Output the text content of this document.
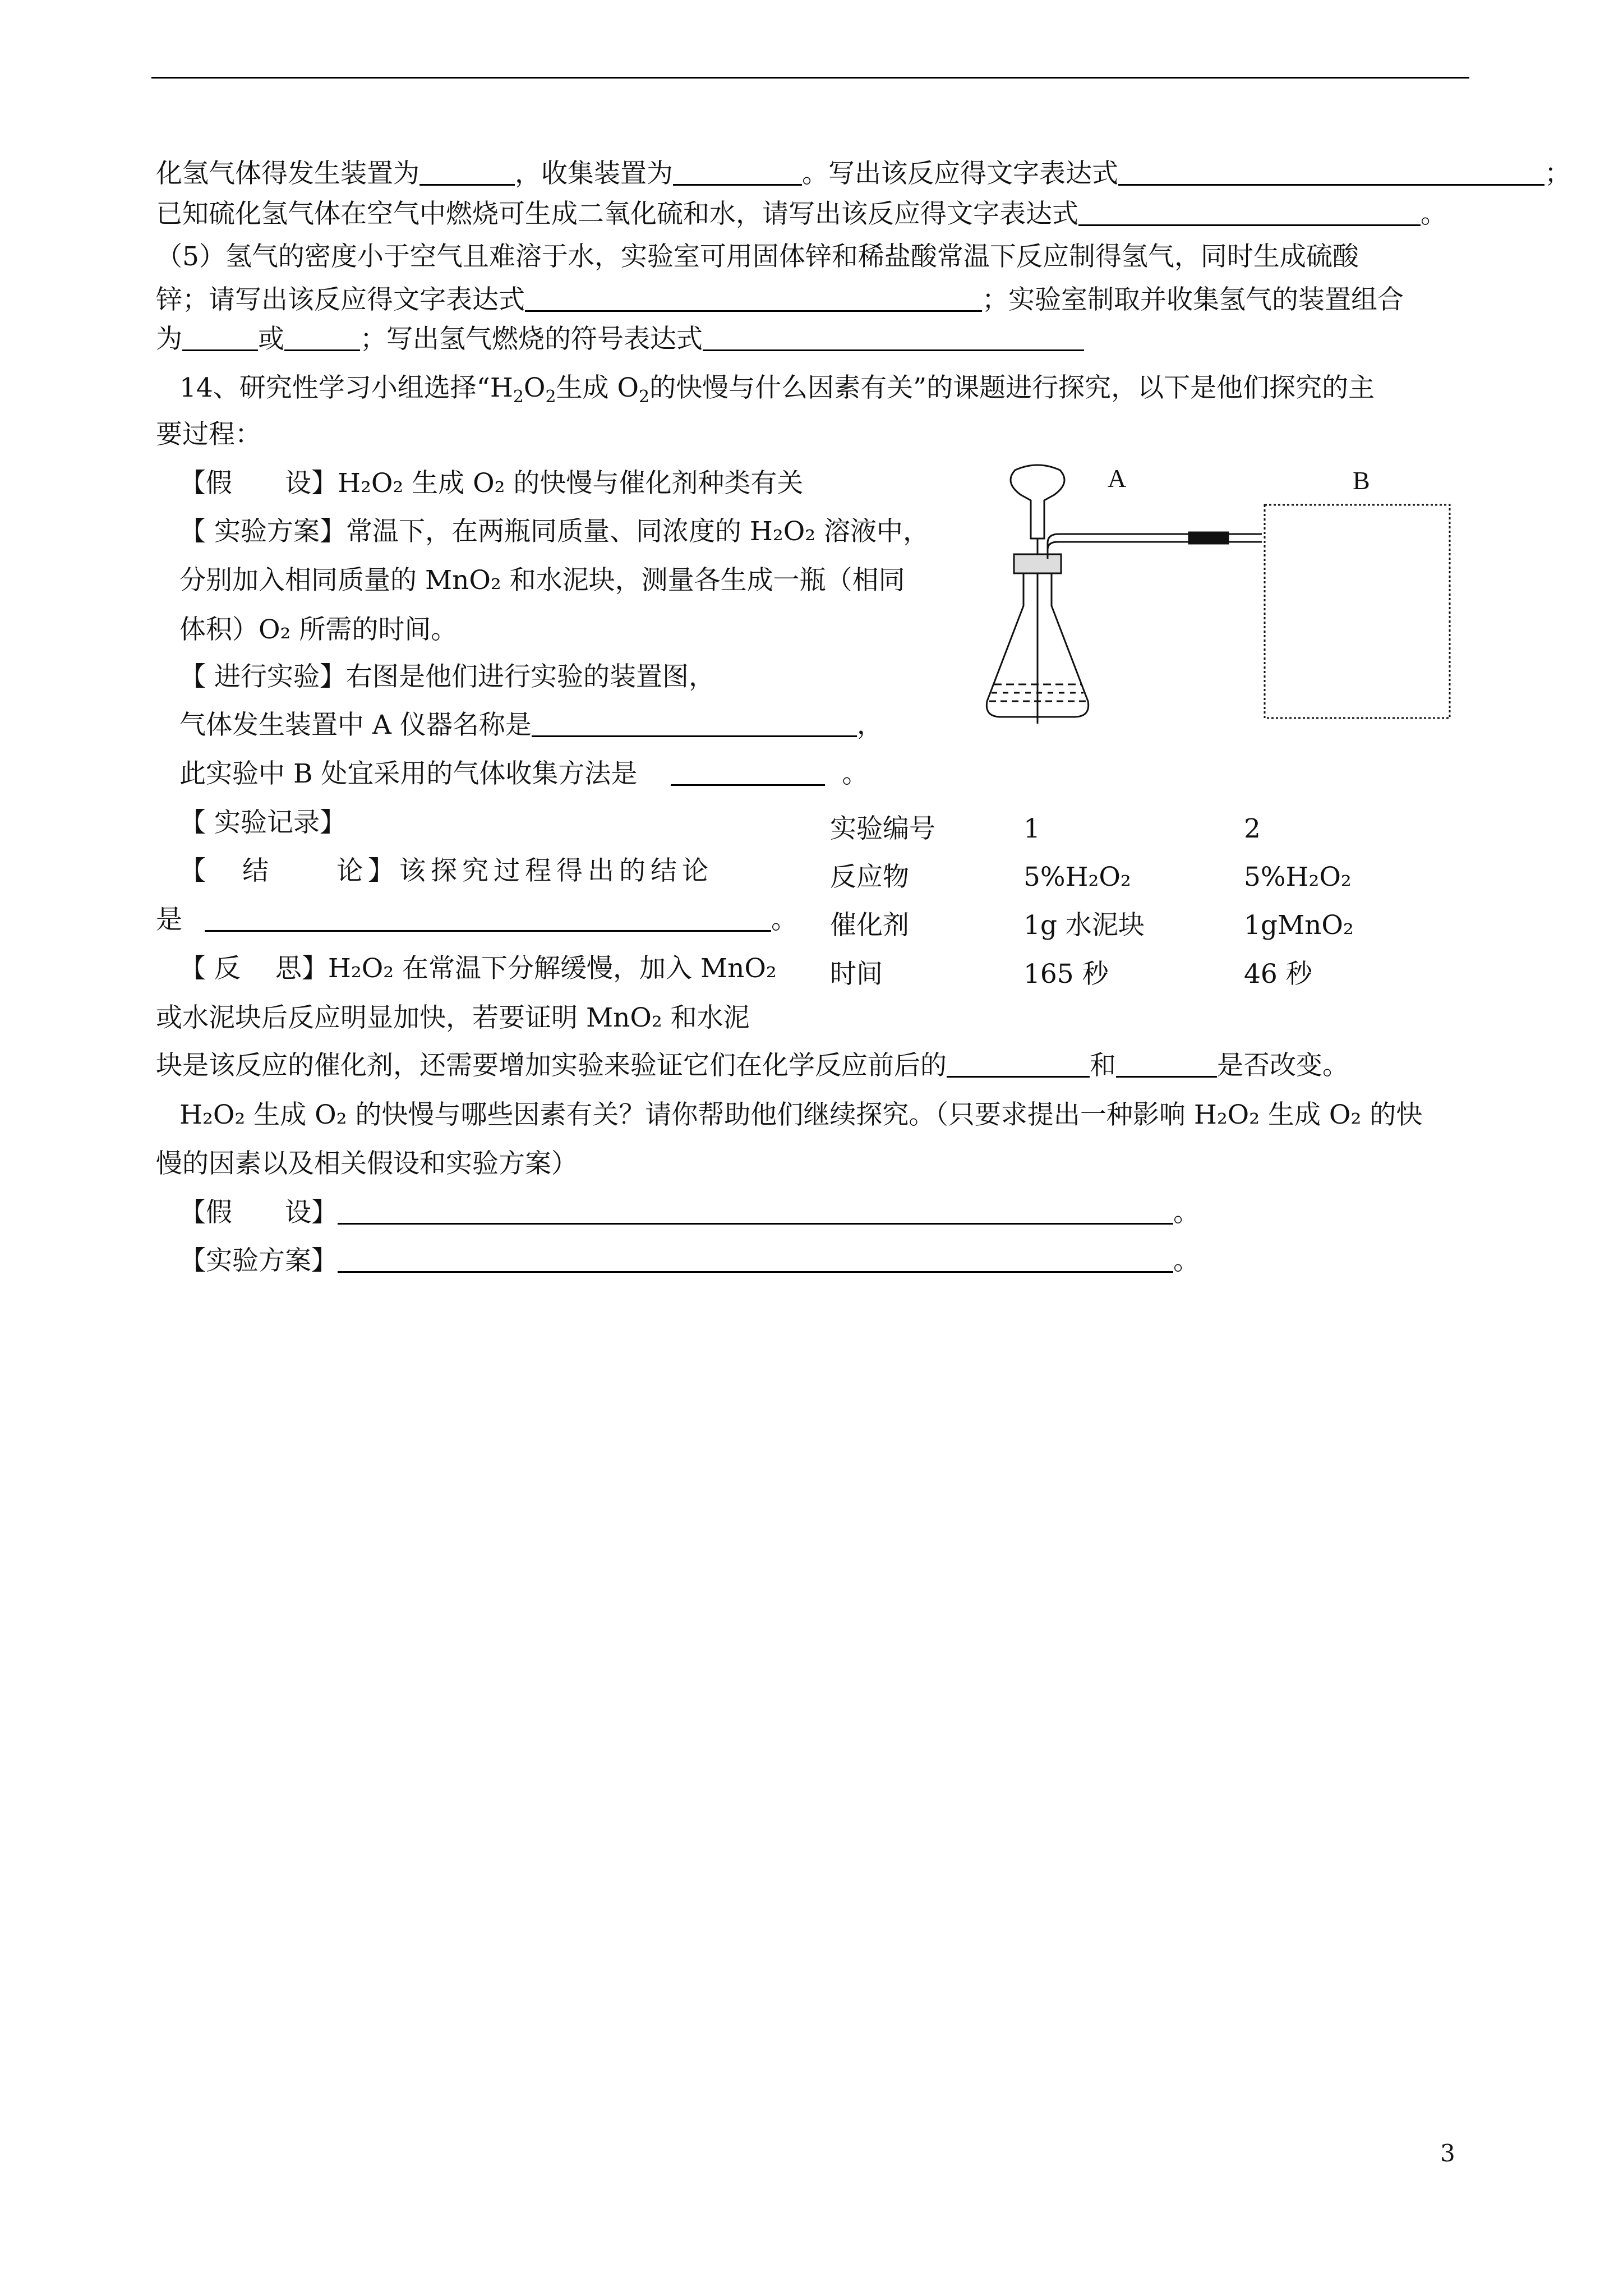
化氢气体得发生装置为	，收集装置为	。写出该反应得文字表达式	；
已知硫化氢气体在空气中燃烧可生成二氧化硫和水，请写出该反应得文字表达式	。
（5）氢气的密度小于空气且难溶于水，实验室可用固体锌和稀盐酸常温下反应制得氢气，同时生成硫酸
锌；请写出该反应得文字表达式	；实验室制取并收集氢气的装置组合
为	或	；写出氢气燃烧的符号表达式
14、研究性学习小组选择“$H_2O_2$生成 $O_2$的快慢与什么因素有关”的课题进行探究，以下是他们探究的主
要过程：
【假　　设】H₂O₂ 生成 O₂ 的快慢与催化剂种类有关
【 实验方案】常温下，在两瓶同质量、同浓度的 H₂O₂ 溶液中，
分别加入相同质量的 MnO₂ 和水泥块，测量各生成一瓶（相同
体积）O₂ 所需的时间。
【 进行实验】右图是他们进行实验的装置图，
气体发生装置中 A 仪器名称是	，
此实验中 B 处宜采用的气体收集方法是	。
【 实验记录】
【　结　　论】该探究过程得出的结论
是	。
【 反　 思】H₂O₂ 在常温下分解缓慢，加入 MnO₂
或水泥块后反应明显加快，若要证明 MnO₂ 和水泥
块是该反应的催化剂，还需要增加实验来验证它们在化学反应前后的	和	是否改变。
H₂O₂ 生成 O₂ 的快慢与哪些因素有关？请你帮助他们继续探究。（只要求提出一种影响 H₂O₂ 生成 O₂ 的快
慢的因素以及相关假设和实验方案）
【假　　设】	。
【实验方案】	。
实验编号	1	2
反应物	5%H₂O₂	5%H₂O₂
催化剂	1g 水泥块	1gMnO₂
时间	165 秒	46 秒
A	B
3
